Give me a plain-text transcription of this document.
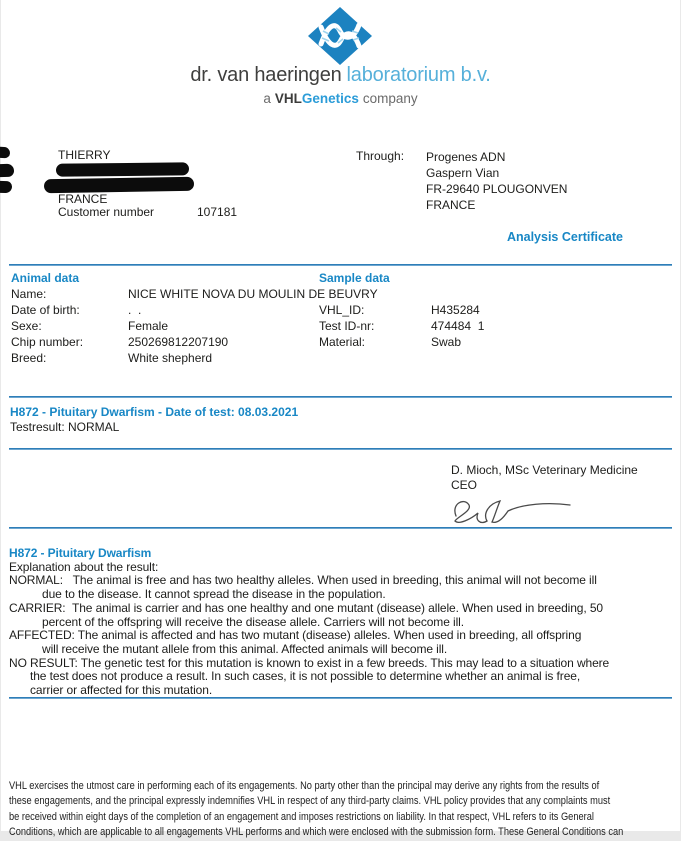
dr. van haeringen laboratorium b.v.
a VHLGenetics company
THIERRY
FRANCE
Customer number	107181
Through:	Progenes ADN
Gaspern Vian
FR-29640 PLOUGONVEN
FRANCE
Analysis Certificate
Animal data	Sample data
Name:	NICE WHITE NOVA DU MOULIN DE BEUVRY
Date of birth:	.  .
Sexe:	Female
Chip number:	250269812207190
Breed:	White shepherd
VHL_ID:	H435284
Test ID-nr:	474484  1
Material:	Swab
H872 - Pituitary Dwarfism - Date of test: 08.03.2021
Testresult: NORMAL
D. Mioch, MSc Veterinary Medicine
CEO
H872 - Pituitary Dwarfism
Explanation about the result:
NORMAL:   The animal is free and has two healthy alleles. When used in breeding, this animal will not become ill
due to the disease. It cannot spread the disease in the population.
CARRIER:  The animal is carrier and has one healthy and one mutant (disease) allele. When used in breeding, 50
percent of the offspring will receive the disease allele. Carriers will not become ill.
AFFECTED: The animal is affected and has two mutant (disease) alleles. When used in breeding, all offspring
will receive the mutant allele from this animal. Affected animals will become ill.
NO RESULT: The genetic test for this mutation is known to exist in a few breeds. This may lead to a situation where
the test does not produce a result. In such cases, it is not possible to determine whether an animal is free,
carrier or affected for this mutation.
VHL exercises the utmost care in performing each of its engagements. No party other than the principal may derive any rights from the results of
these engagements, and the principal expressly indemnifies VHL in respect of any third-party claims. VHL policy provides that any complaints must
be received within eight days of the completion of an engagement and imposes restrictions on liability. In that respect, VHL refers to its General
Conditions, which are applicable to all engagements VHL performs and which were enclosed with the submission form. These General Conditions can
